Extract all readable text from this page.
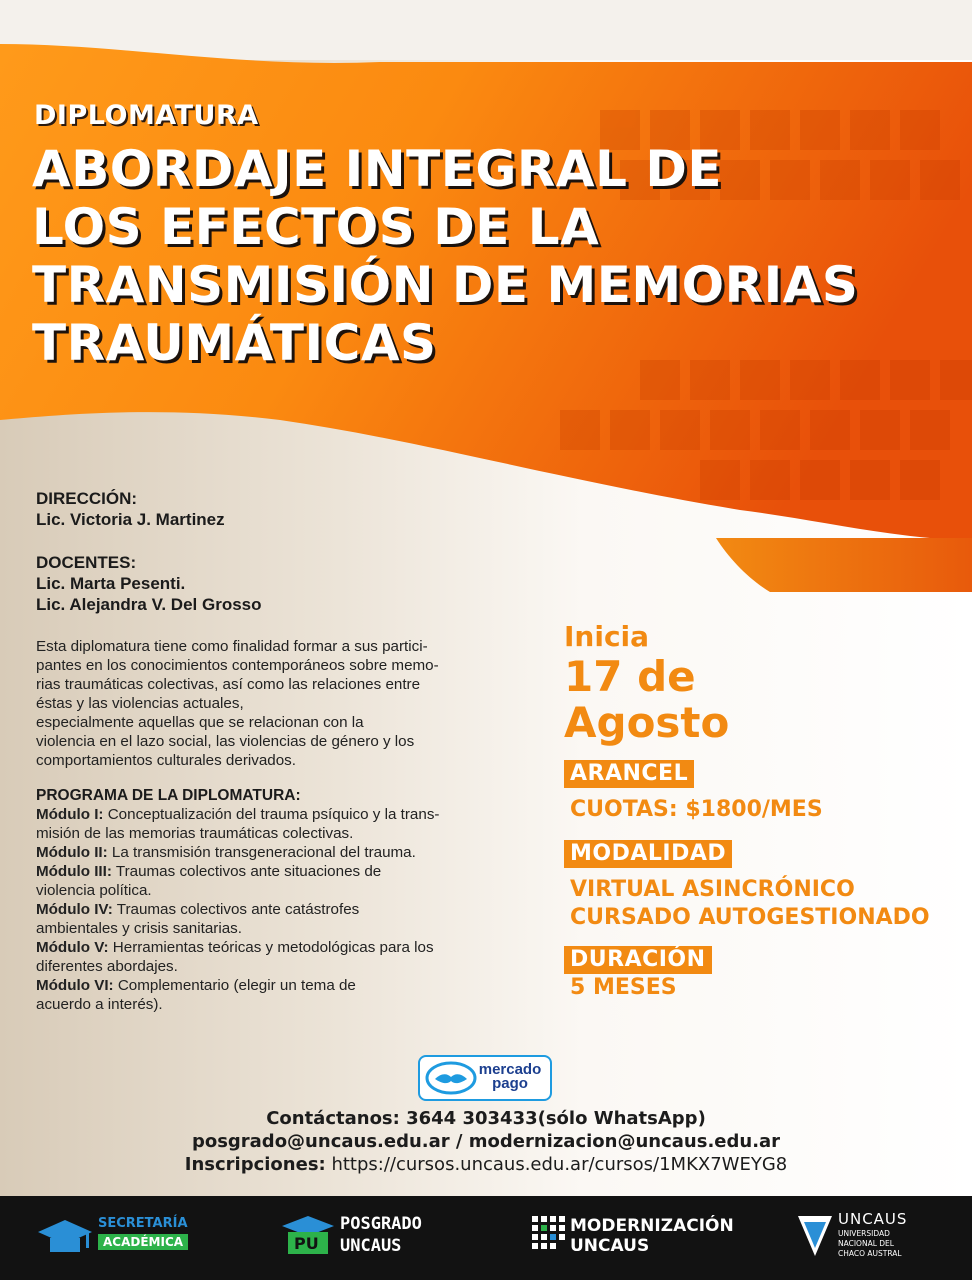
DIPLOMATURA
ABORDAJE INTEGRAL DE
LOS EFECTOS DE LA
TRANSMISIÓN DE MEMORIAS
TRAUMÁTICAS
DIRECCIÓN:
Lic. Victoria J. Martinez
DOCENTES:
Lic. Marta Pesenti.
Lic. Alejandra V. Del Grosso
Esta diplomatura tiene como finalidad formar a sus partici-
pantes en los conocimientos contemporáneos sobre memo-
rias traumáticas colectivas, así como las relaciones entre
éstas y las violencias actuales,
especialmente aquellas que se relacionan con la
violencia en el lazo social, las violencias de género y los
comportamientos culturales derivados.
PROGRAMA DE LA DIPLOMATURA:
Módulo I: Conceptualización del trauma psíquico y la trans-
misión de las memorias traumáticas colectivas.
Módulo II: La transmisión transgeneracional del trauma.
Módulo III: Traumas colectivos ante situaciones de
violencia política.
Módulo IV: Traumas colectivos ante catástrofes
ambientales y crisis sanitarias.
Módulo V: Herramientas teóricas y metodológicas para los
diferentes abordajes.
Módulo VI: Complementario (elegir un tema de
acuerdo a interés).
Inicia
17 de
Agosto
ARANCEL
CUOTAS: $1800/MES
MODALIDAD
VIRTUAL ASINCRÓNICO
CURSADO AUTOGESTIONADO
DURACIÓN
5 MESES
mercado
pago
Contáctanos: 3644 303433(sólo WhatsApp)
posgrado@uncaus.edu.ar / modernizacion@uncaus.edu.ar
Inscripciones: https://cursos.uncaus.edu.ar/cursos/1MKX7WEYG8
SECRETARÍA
ACADÉMICA	PU
POSGRADO
UNCAUS
MODERNIZACIÓN
UNCAUS
UNCAUS
UNIVERSIDAD
NACIONAL DEL
CHACO AUSTRAL
